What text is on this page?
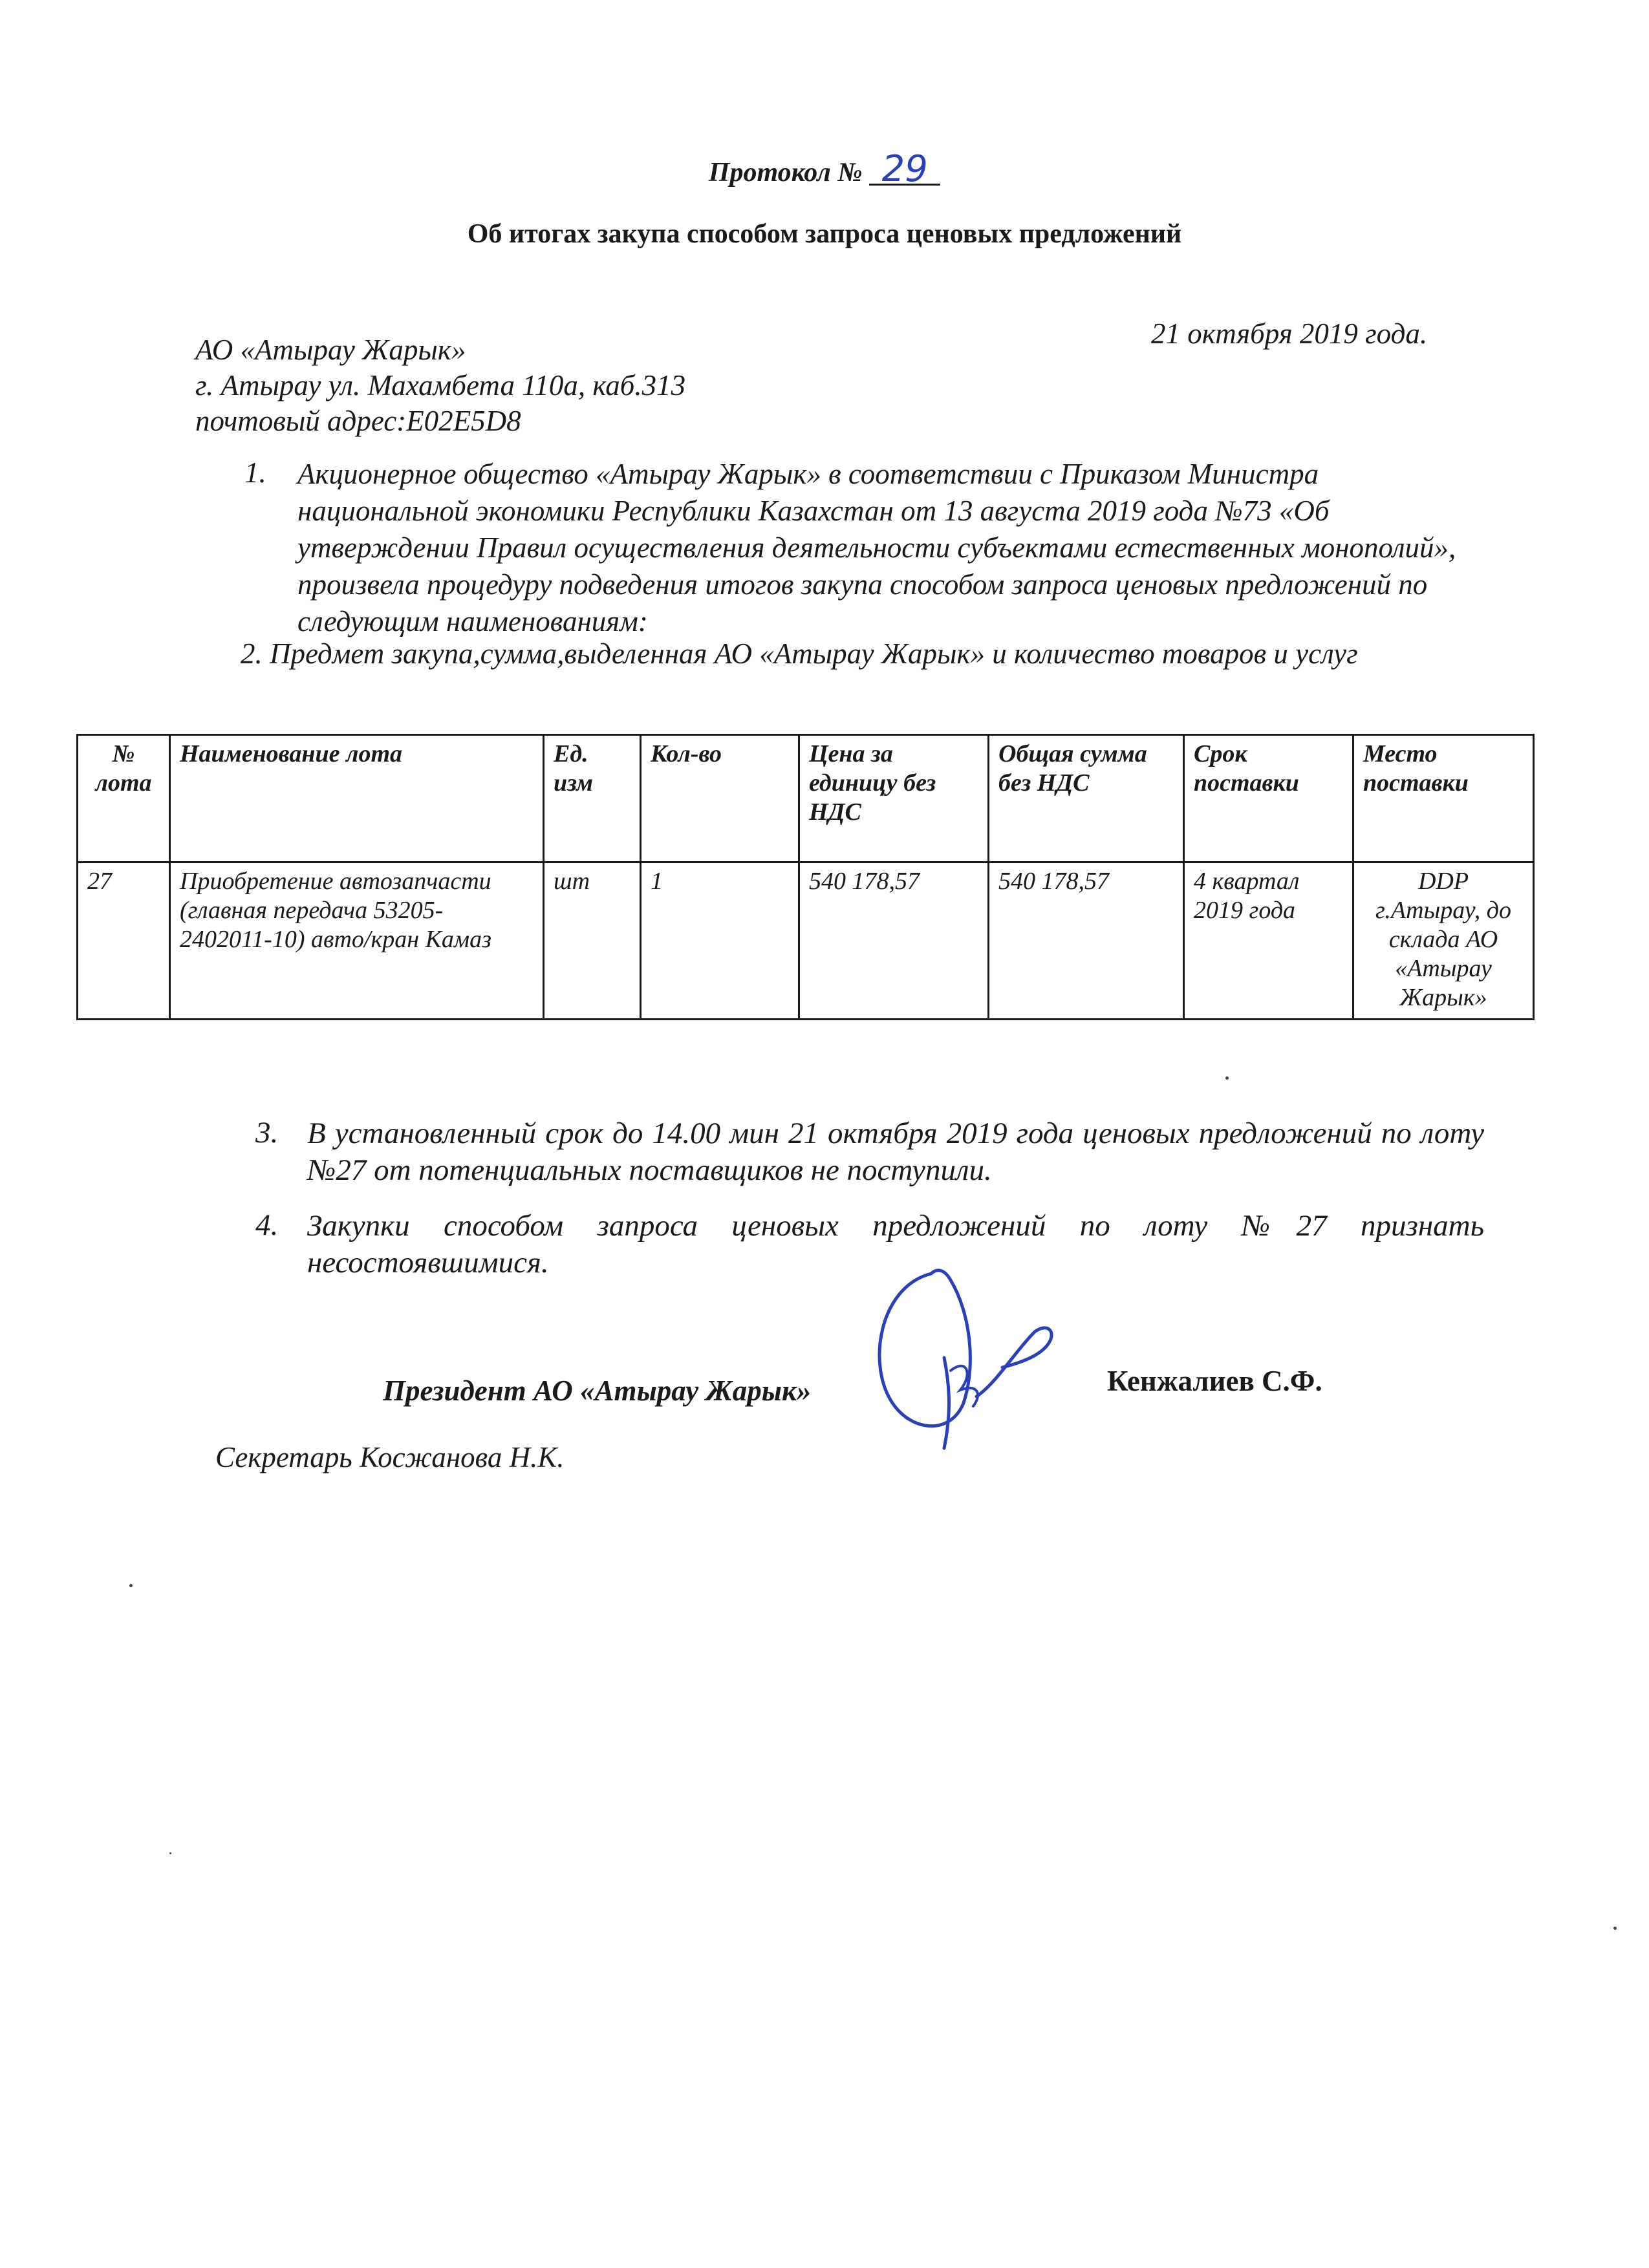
Протокол № 29
Об итогах закупа способом запроса ценовых предложений
21 октября 2019 года.
АО «Атырау Жарык»
г. Атырау ул. Махамбета 110а, каб.313
почтовый адрес:Е02Е5D8
1. Акционерное общество «Атырау Жарык» в соответствии с Приказом Министра
национальной экономики Республики Казахстан от 13 августа 2019 года №73 «Об
утверждении Правил осуществления деятельности субъектами естественных монополий»,
произвела процедуру подведения итогов закупа способом запроса ценовых предложений по
следующим наименованиям:
2. Предмет закупа,сумма,выделенная АО «Атырау Жарык» и количество товаров и услуг
№ лота	Наименование лота	Ед. изм	Кол-во	Цена за единицу без НДС	Общая сумма без НДС	Срок поставки	Место поставки
27	Приобретение автозапчасти (главная передача 53205-2402011-10) авто/кран Камаз	шт	1	540 178,57	540 178,57	4 квартал 2019 года	DDP г.Атырау, до склада АО «Атырау Жарык»
3. В установленный срок до 14.00 мин 21 октября 2019 года ценовых предложений по лоту №27 от потенциальных поставщиков не поступили.
4. Закупки способом запроса ценовых предложений по лоту №27 признать несостоявшимися.
Президент АО «Атырау Жарык»	Кенжалиев С.Ф.
Секретарь Косжанова Н.К.
